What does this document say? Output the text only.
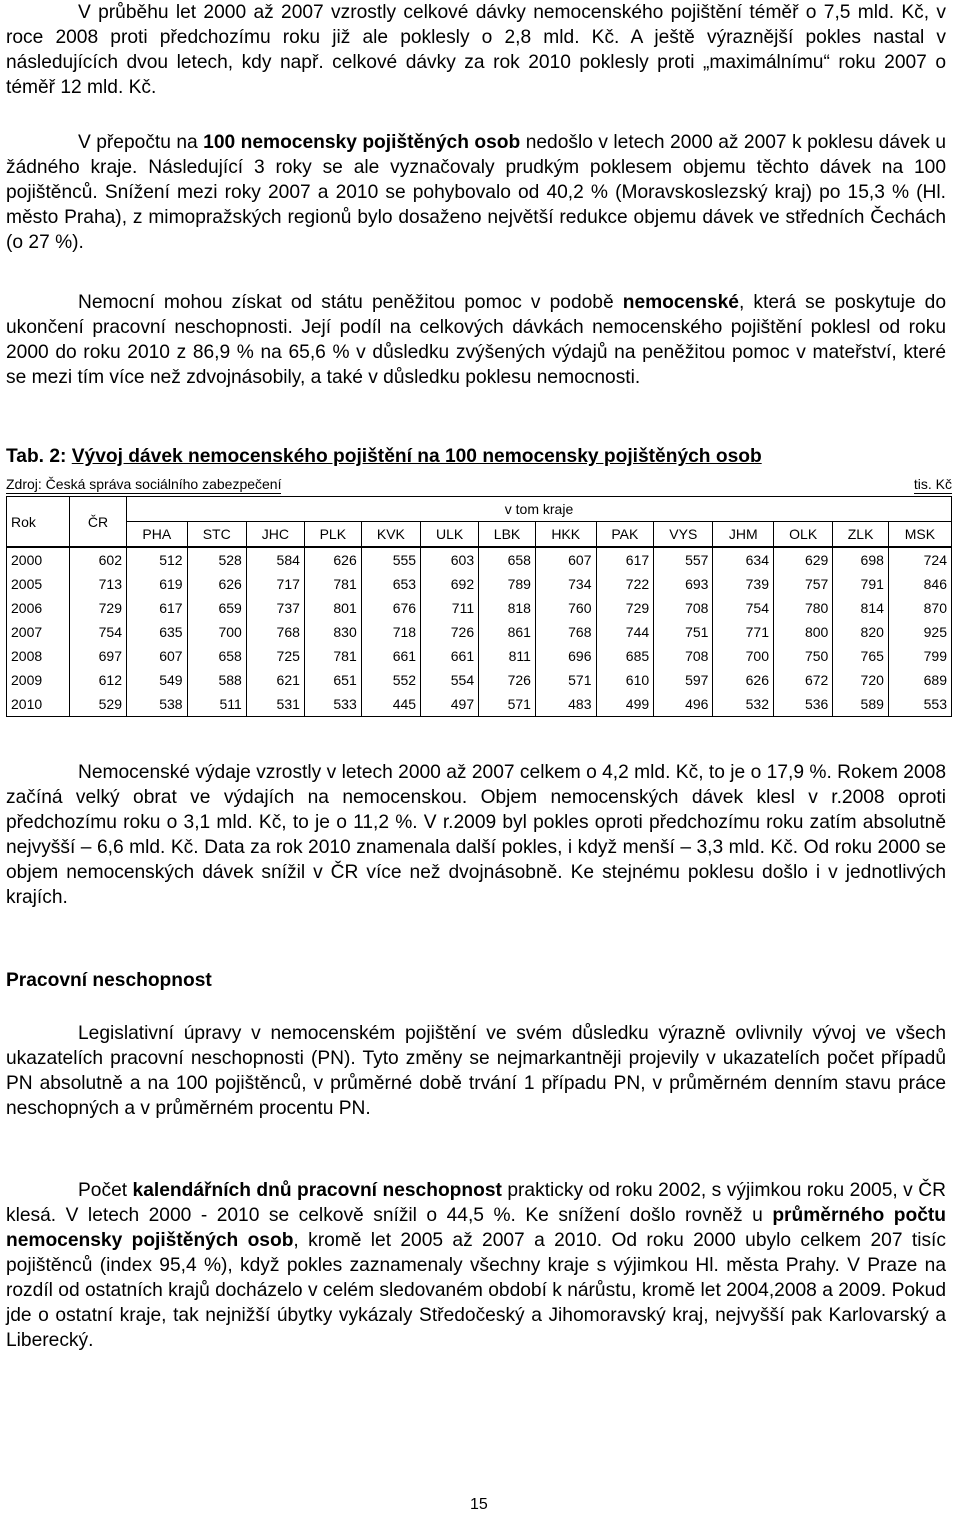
V průběhu let 2000 až 2007 vzrostly celkové dávky nemocenského pojištění téměř o 7,5 mld. Kč, v roce 2008 proti předchozímu roku již ale poklesly o 2,8 mld. Kč. A ještě výraznější pokles nastal v následujících dvou letech, kdy např. celkové dávky za rok 2010 poklesly proti „maximálnímu“ roku 2007 o téměř 12 mld. Kč.

V přepočtu na 100 nemocensky pojištěných osob nedošlo v letech 2000 až 2007 k poklesu dávek u žádného kraje. Následující 3 roky se ale vyznačovaly prudkým poklesem objemu těchto dávek na 100 pojištěnců. Snížení mezi roky 2007 a 2010 se pohybovalo od 40,2 % (Moravskoslezský kraj) po 15,3 % (Hl. město Praha), z mimopražských regionů bylo dosaženo největší redukce objemu dávek ve středních Čechách (o 27 %).

Nemocní mohou získat od státu peněžitou pomoc v podobě nemocenské, která se poskytuje do ukončení pracovní neschopnosti. Její podíl na celkových dávkách nemocenského pojištění poklesl od roku 2000 do roku 2010 z 86,9 % na 65,6 % v důsledku zvýšených výdajů na peněžitou pomoc v mateřství, které se mezi tím více než zdvojnásobily, a také v důsledku poklesu nemocnosti.

Tab. 2: Vývoj dávek nemocenského pojištění na 100 nemocensky pojištěných osob

Zdroj: Česká správa sociálního zabezpečení	tis. Kč
Rok	ČR	v tom kraje													
		PHA	STC	JHC	PLK	KVK	ULK	LBK	HKK	PAK	VYS	JHM	OLK	ZLK	MSK
2000	602	512	528	584	626	555	603	658	607	617	557	634	629	698	724
2005	713	619	626	717	781	653	692	789	734	722	693	739	757	791	846
2006	729	617	659	737	801	676	711	818	760	729	708	754	780	814	870
2007	754	635	700	768	830	718	726	861	768	744	751	771	800	820	925
2008	697	607	658	725	781	661	661	811	696	685	708	700	750	765	799
2009	612	549	588	621	651	552	554	726	571	610	597	626	672	720	689
2010	529	538	511	531	533	445	497	571	483	499	496	532	536	589	553

Nemocenské výdaje vzrostly v letech 2000 až 2007 celkem o 4,2 mld. Kč, to je o 17,9 %. Rokem 2008 začíná velký obrat ve výdajích na nemocenskou. Objem nemocenských dávek klesl v r.2008 oproti předchozímu roku o 3,1 mld. Kč, to je o 11,2 %. V r.2009 byl pokles oproti předchozímu roku zatím absolutně nejvyšší – 6,6 mld. Kč. Data za rok 2010 znamenala další pokles, i když menší – 3,3 mld. Kč. Od roku 2000 se objem nemocenských dávek snížil v ČR více než dvojnásobně. Ke stejnému poklesu došlo i v jednotlivých krajích.

Pracovní neschopnost

Legislativní úpravy v nemocenském pojištění ve svém důsledku výrazně ovlivnily vývoj ve všech ukazatelích pracovní neschopnosti (PN). Tyto změny se nejmarkantněji projevily v ukazatelích počet případů PN absolutně a na 100 pojištěnců, v průměrné době trvání 1 případu PN, v průměrném denním stavu práce neschopných a v průměrném procentu PN.

Počet kalendářních dnů pracovní neschopnost prakticky od roku 2002, s výjimkou roku 2005, v ČR klesá. V letech 2000 - 2010 se celkově snížil o 44,5 %. Ke snížení došlo rovněž u průměrného počtu nemocensky pojištěných osob, kromě let 2005 až 2007 a 2010. Od roku 2000 ubylo celkem 207 tisíc pojištěnců (index 95,4 %), když pokles zaznamenaly všechny kraje s výjimkou Hl. města Prahy. V Praze na rozdíl od ostatních krajů docházelo v celém sledovaném období k nárůstu, kromě let 2004,2008 a 2009. Pokud jde o ostatní kraje, tak nejnižší úbytky vykázaly Středočeský a Jihomoravský kraj, nejvyšší pak Karlovarský a Liberecký.

15
